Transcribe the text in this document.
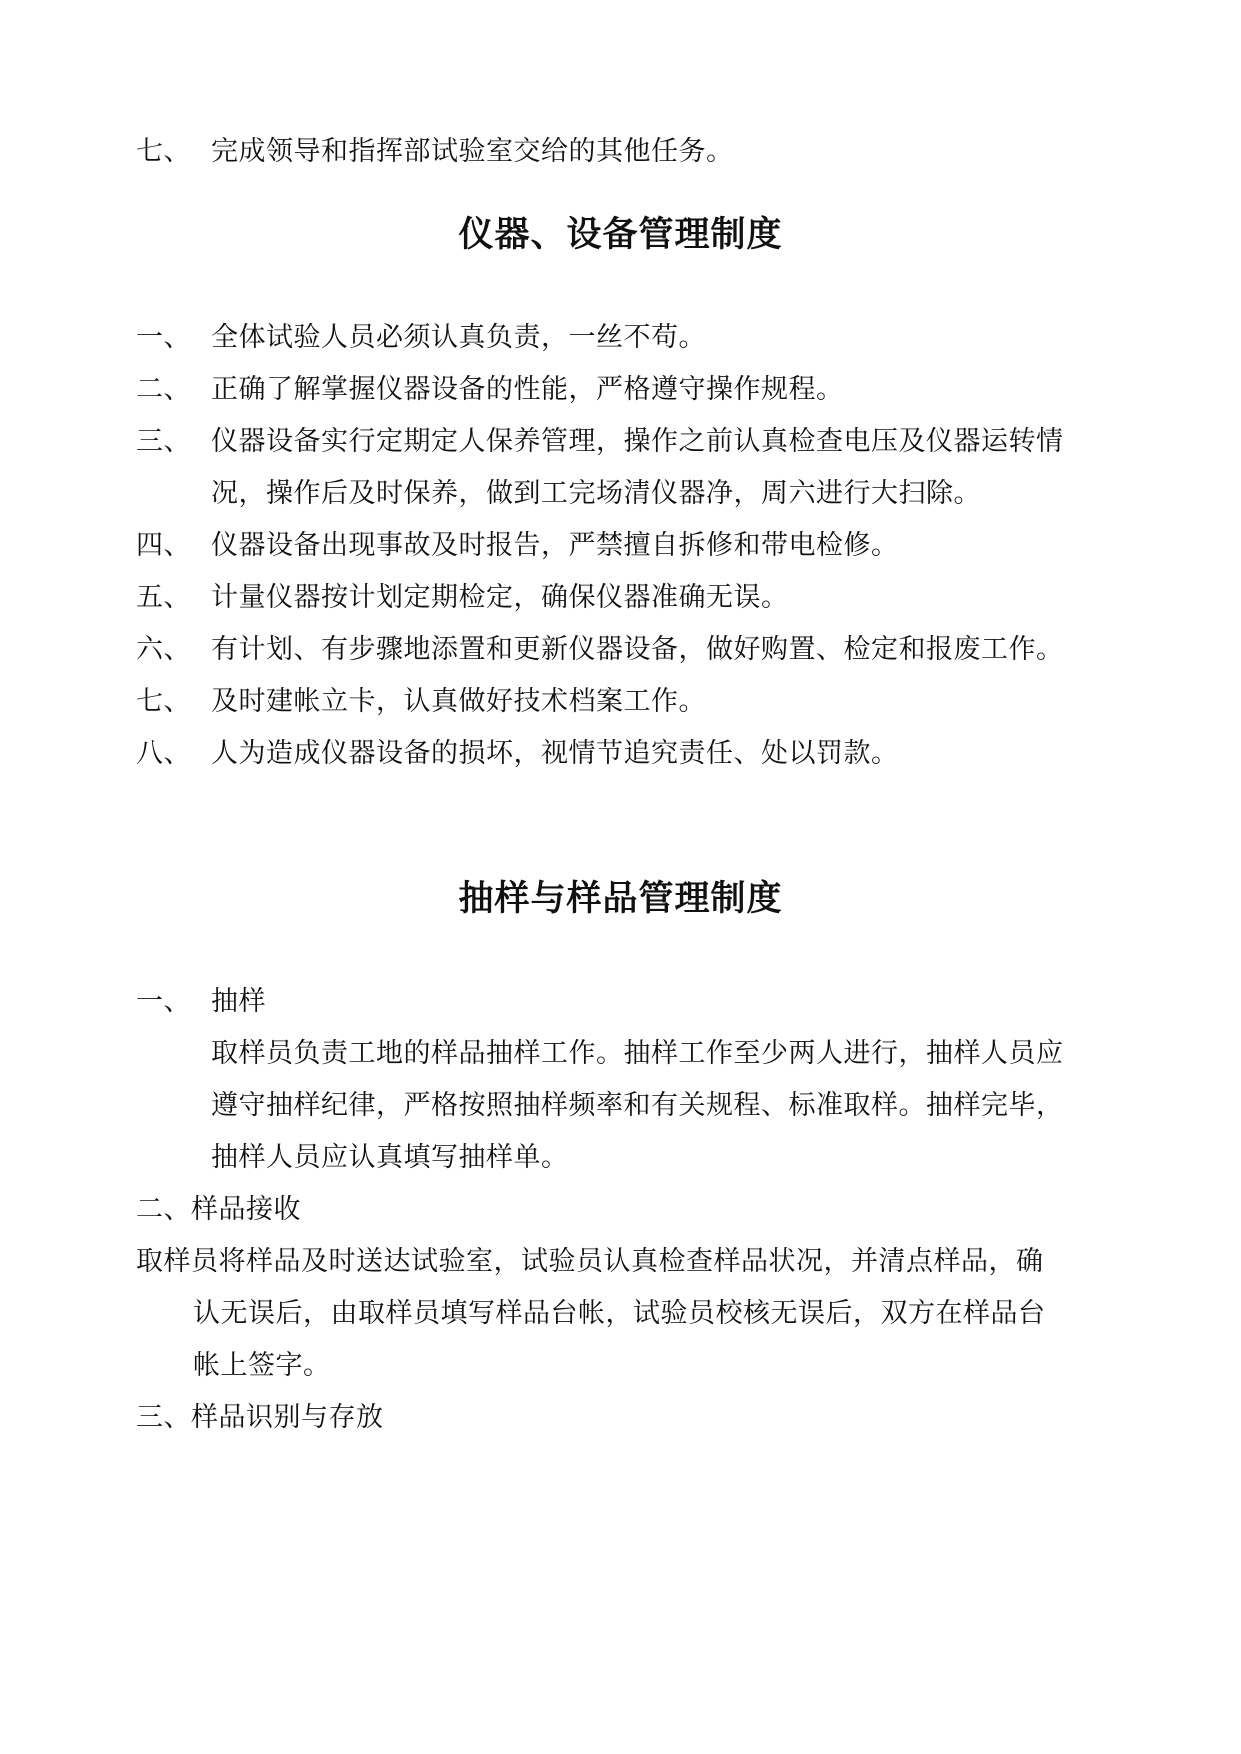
七、 完成领导和指挥部试验室交给的其他任务。
仪器、设备管理制度
一、 全体试验人员必须认真负责，一丝不苟。
二、 正确了解掌握仪器设备的性能，严格遵守操作规程。
三、 仪器设备实行定期定人保养管理，操作之前认真检查电压及仪器运转情
况，操作后及时保养，做到工完场清仪器净，周六进行大扫除。
四、 仪器设备出现事故及时报告，严禁擅自拆修和带电检修。
五、 计量仪器按计划定期检定，确保仪器准确无误。
六、 有计划、有步骤地添置和更新仪器设备，做好购置、检定和报废工作。
七、 及时建帐立卡，认真做好技术档案工作。
八、 人为造成仪器设备的损坏，视情节追究责任、处以罚款。
抽样与样品管理制度
一、 抽样
取样员负责工地的样品抽样工作。抽样工作至少两人进行，抽样人员应
遵守抽样纪律，严格按照抽样频率和有关规程、标准取样。抽样完毕，
抽样人员应认真填写抽样单。
二、样品接收
取样员将样品及时送达试验室，试验员认真检查样品状况，并清点样品，确
认无误后，由取样员填写样品台帐，试验员校核无误后，双方在样品台
帐上签字。
三、样品识别与存放
